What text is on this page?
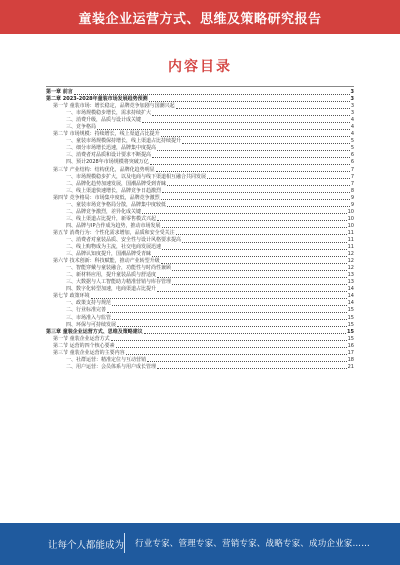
童装企业运营方式、思维及策略研究报告
内容目录
第一章 前言	3
第二章 2023-2028年童装市场发展趋势预测	3
第一节 童装市场：增长稳定，品牌竞争加剧与国潮兴起	3
一、市场规模稳步增长，需求持续扩大	3
二、消费升级，品质与设计成关键	4
三、竞争格局	4
第二节 市场规模：持续增长，线上渠道占比提升	4
一、童装市场规模保持增长，线上渠道占比持续提升	5
二、细分市场增长迅速，品牌集中度提高	5
三、消费者对品质和设计要求不断提高	6
四、预计2028年市场规模将突破万亿	6
第三节 产业结构：结构优化，品牌化趋势明显	7
一、市场规模稳步扩大，以及电商与线下渠道相互融合共同发展	7
二、品牌化趋势加速发展，国潮品牌受到青睐	7
三、线上渠道快速增长，品牌竞争日趋激烈	8
第四节 竞争格局：市场集中度低，品牌竞争激烈	9
一、童装市场竞争格局分散，品牌集中度较低	9
二、品牌竞争激烈，差异化成关键	10
三、线上渠道占比提升，新零售模式兴起	10
四、品牌与IP合作成为趋势，推动市场发展	10
第五节 消费行为：个性化需求增加，品质和安全受关注	11
一、消费者对童装品质、安全性与设计风格要求提高	11
二、线上购物成为主流，社交电商发展迅速	11
三、品牌认知度提升，国潮品牌受青睐	12
第六节 技术创新：科技赋能，推动产业转型升级	12
一、智能穿戴与童装融合，功能性与时尚性兼顾	12
二、新材料应用，提升童装品质与舒适度	13
三、大数据与人工智能助力精准营销与库存管理	13
四、数字化转型加速，电商渠道占比提升	14
第七节 政策环境	14
一、政策支持与规范	14
二、行业标准完善	15
三、市场准入与监管	15
四、环保与可持续发展	15
第三章 童装企业运营方式、思维及策略建议	15
第一节 童装企业运营方式	15
第二节 运营的四个核心要素	16
第三节 童装企业运营的主要内容	17
一、社群运营：精准定位与互动营销	18
二、用户运营：会员体系与用户成长管理	21
让每个人都能成为 行业专家、管理专家、营销专家、战略专家、成功企业家……
